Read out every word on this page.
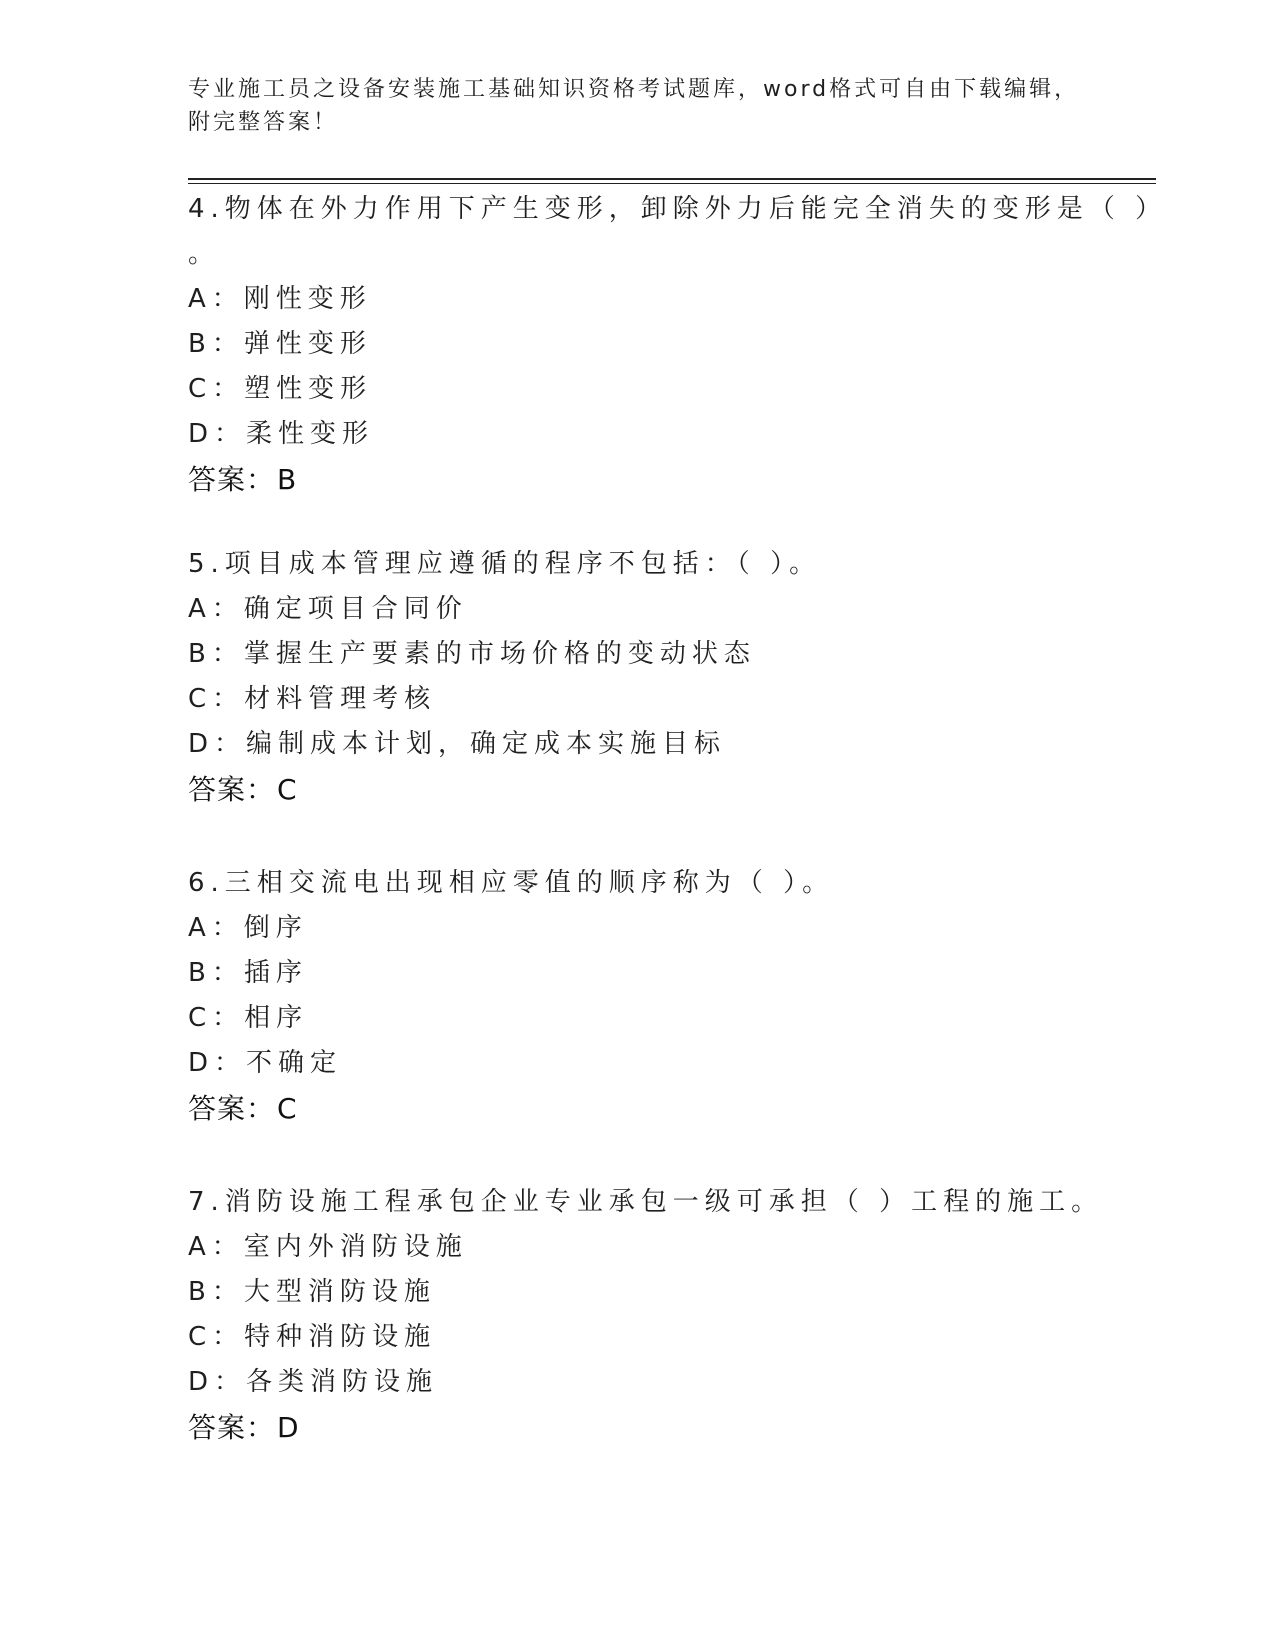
专业施工员之设备安装施工基础知识资格考试题库，word格式可自由下载编辑，
附完整答案！
4.物体在外力作用下产生变形，卸除外力后能完全消失的变形是（ ）
。
A：刚性变形
B：弹性变形
C：塑性变形
D：柔性变形
答案：B
5.项目成本管理应遵循的程序不包括：（ ）。
A：确定项目合同价
B：掌握生产要素的市场价格的变动状态
C：材料管理考核
D：编制成本计划，确定成本实施目标
答案：C
6.三相交流电出现相应零值的顺序称为（ ）。
A：倒序
B：插序
C：相序
D：不确定
答案：C
7.消防设施工程承包企业专业承包一级可承担（ ）工程的施工。
A：室内外消防设施
B：大型消防设施
C：特种消防设施
D：各类消防设施
答案：D
